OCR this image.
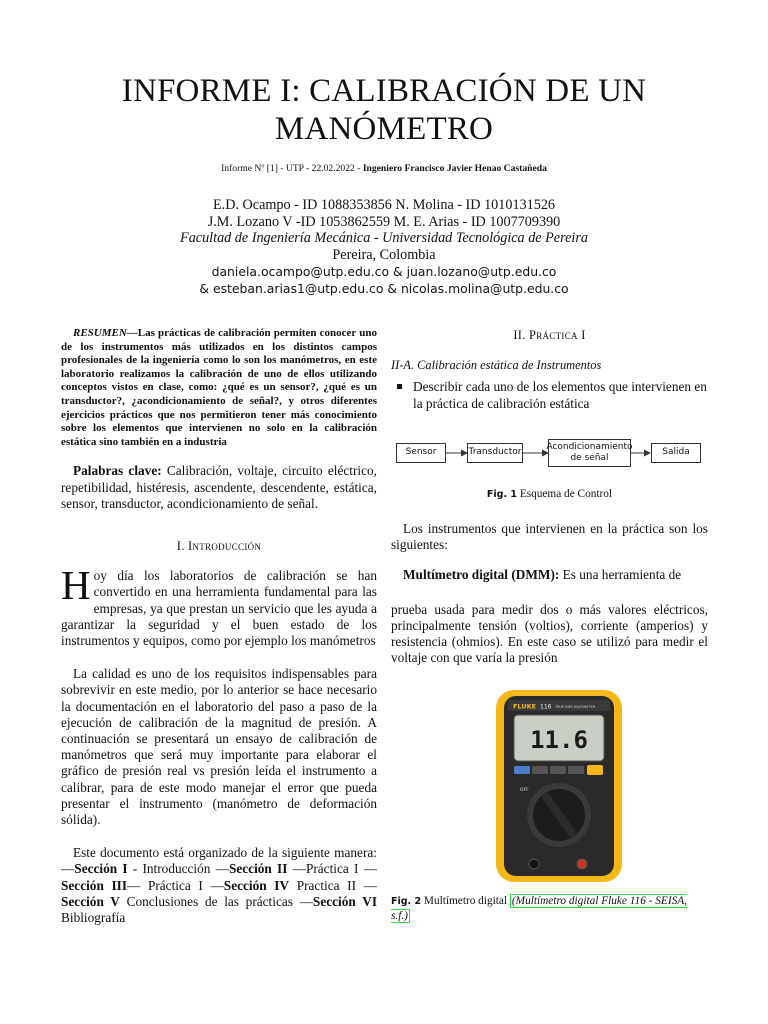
INFORME I: CALIBRACIÓN DE UN MANÓMETRO
Informe Nº [1] - UTP - 22.02.2022 - Ingeniero Francisco Javier Henao Castañeda
E.D. Ocampo - ID 1088353856 N. Molina - ID 1010131526
J.M. Lozano V -ID 1053862559 M. E. Arias - ID 1007709390
Facultad de Ingeniería Mecánica - Universidad Tecnológica de Pereira
Pereira, Colombia
daniela.ocampo@utp.edu.co & juan.lozano@utp.edu.co
& esteban.arias1@utp.edu.co & nicolas.molina@utp.edu.co

RESUMEN—Las prácticas de calibración permiten conocer uno de los instrumentos más utilizados en los distintos campos profesionales de la ingeniería como lo son los manómetros, en este laboratorio realizamos la calibración de uno de ellos utilizando conceptos vistos en clase, como: ¿qué es un sensor?, ¿qué es un transductor?, ¿acondicionamiento de señal?, y otros diferentes ejercicios prácticos que nos permitieron tener más conocimiento sobre los elementos que intervienen no solo en la calibración estática sino también en a industria

Palabras clave: Calibración, voltaje, circuito eléctrico, repetibilidad, histéresis, ascendente, descendente, estática, sensor, transductor, acondicionamiento de señal.

I. Introducción

Hoy día los laboratorios de calibración se han convertido en una herramienta fundamental para las empresas, ya que prestan un servicio que les ayuda a garantizar la seguridad y el buen estado de los instrumentos y equipos, como por ejemplo los manómetros

La calidad es uno de los requisitos indispensables para sobrevivir en este medio, por lo anterior se hace necesario la documentación en el laboratorio del paso a paso de la ejecución de calibración de la magnitud de presión. A continuación se presentará un ensayo de calibración de manómetros que será muy importante para elaborar el gráfico de presión real vs presión leída el instrumento a calibrar, para de este modo manejar el error que pueda presentar el instrumento (manómetro de deformación sólida).

Este documento está organizado de la siguiente manera: —Sección I - Introducción —Sección II —Práctica I —Sección III— Práctica I —Sección IV Practica II —Sección V Conclusiones de las prácticas —Sección VI Bibliografía

II. Práctica I
II-A. Calibración estática de Instrumentos
Describir cada uno de los elementos que intervienen en la práctica de calibración estática
Sensor	Transductor
Acondicionamiento de señal
Salida
Fig. 1 Esquema de Control

Los instrumentos que intervienen en la práctica son los siguientes:

Multímetro digital (DMM): Es una herramienta de

prueba usada para medir dos o más valores eléctricos, principalmente tensión (voltios), corriente (amperios) y resistencia (ohmios). En este caso se utilizó para medir el voltaje con que varía la presión

FLUKE 116 TRUE RMS MULTIMETER
11.6
OFF
Fig. 2 Multímetro digital (Multímetro digital Fluke 116 - SEISA, s.f.)
